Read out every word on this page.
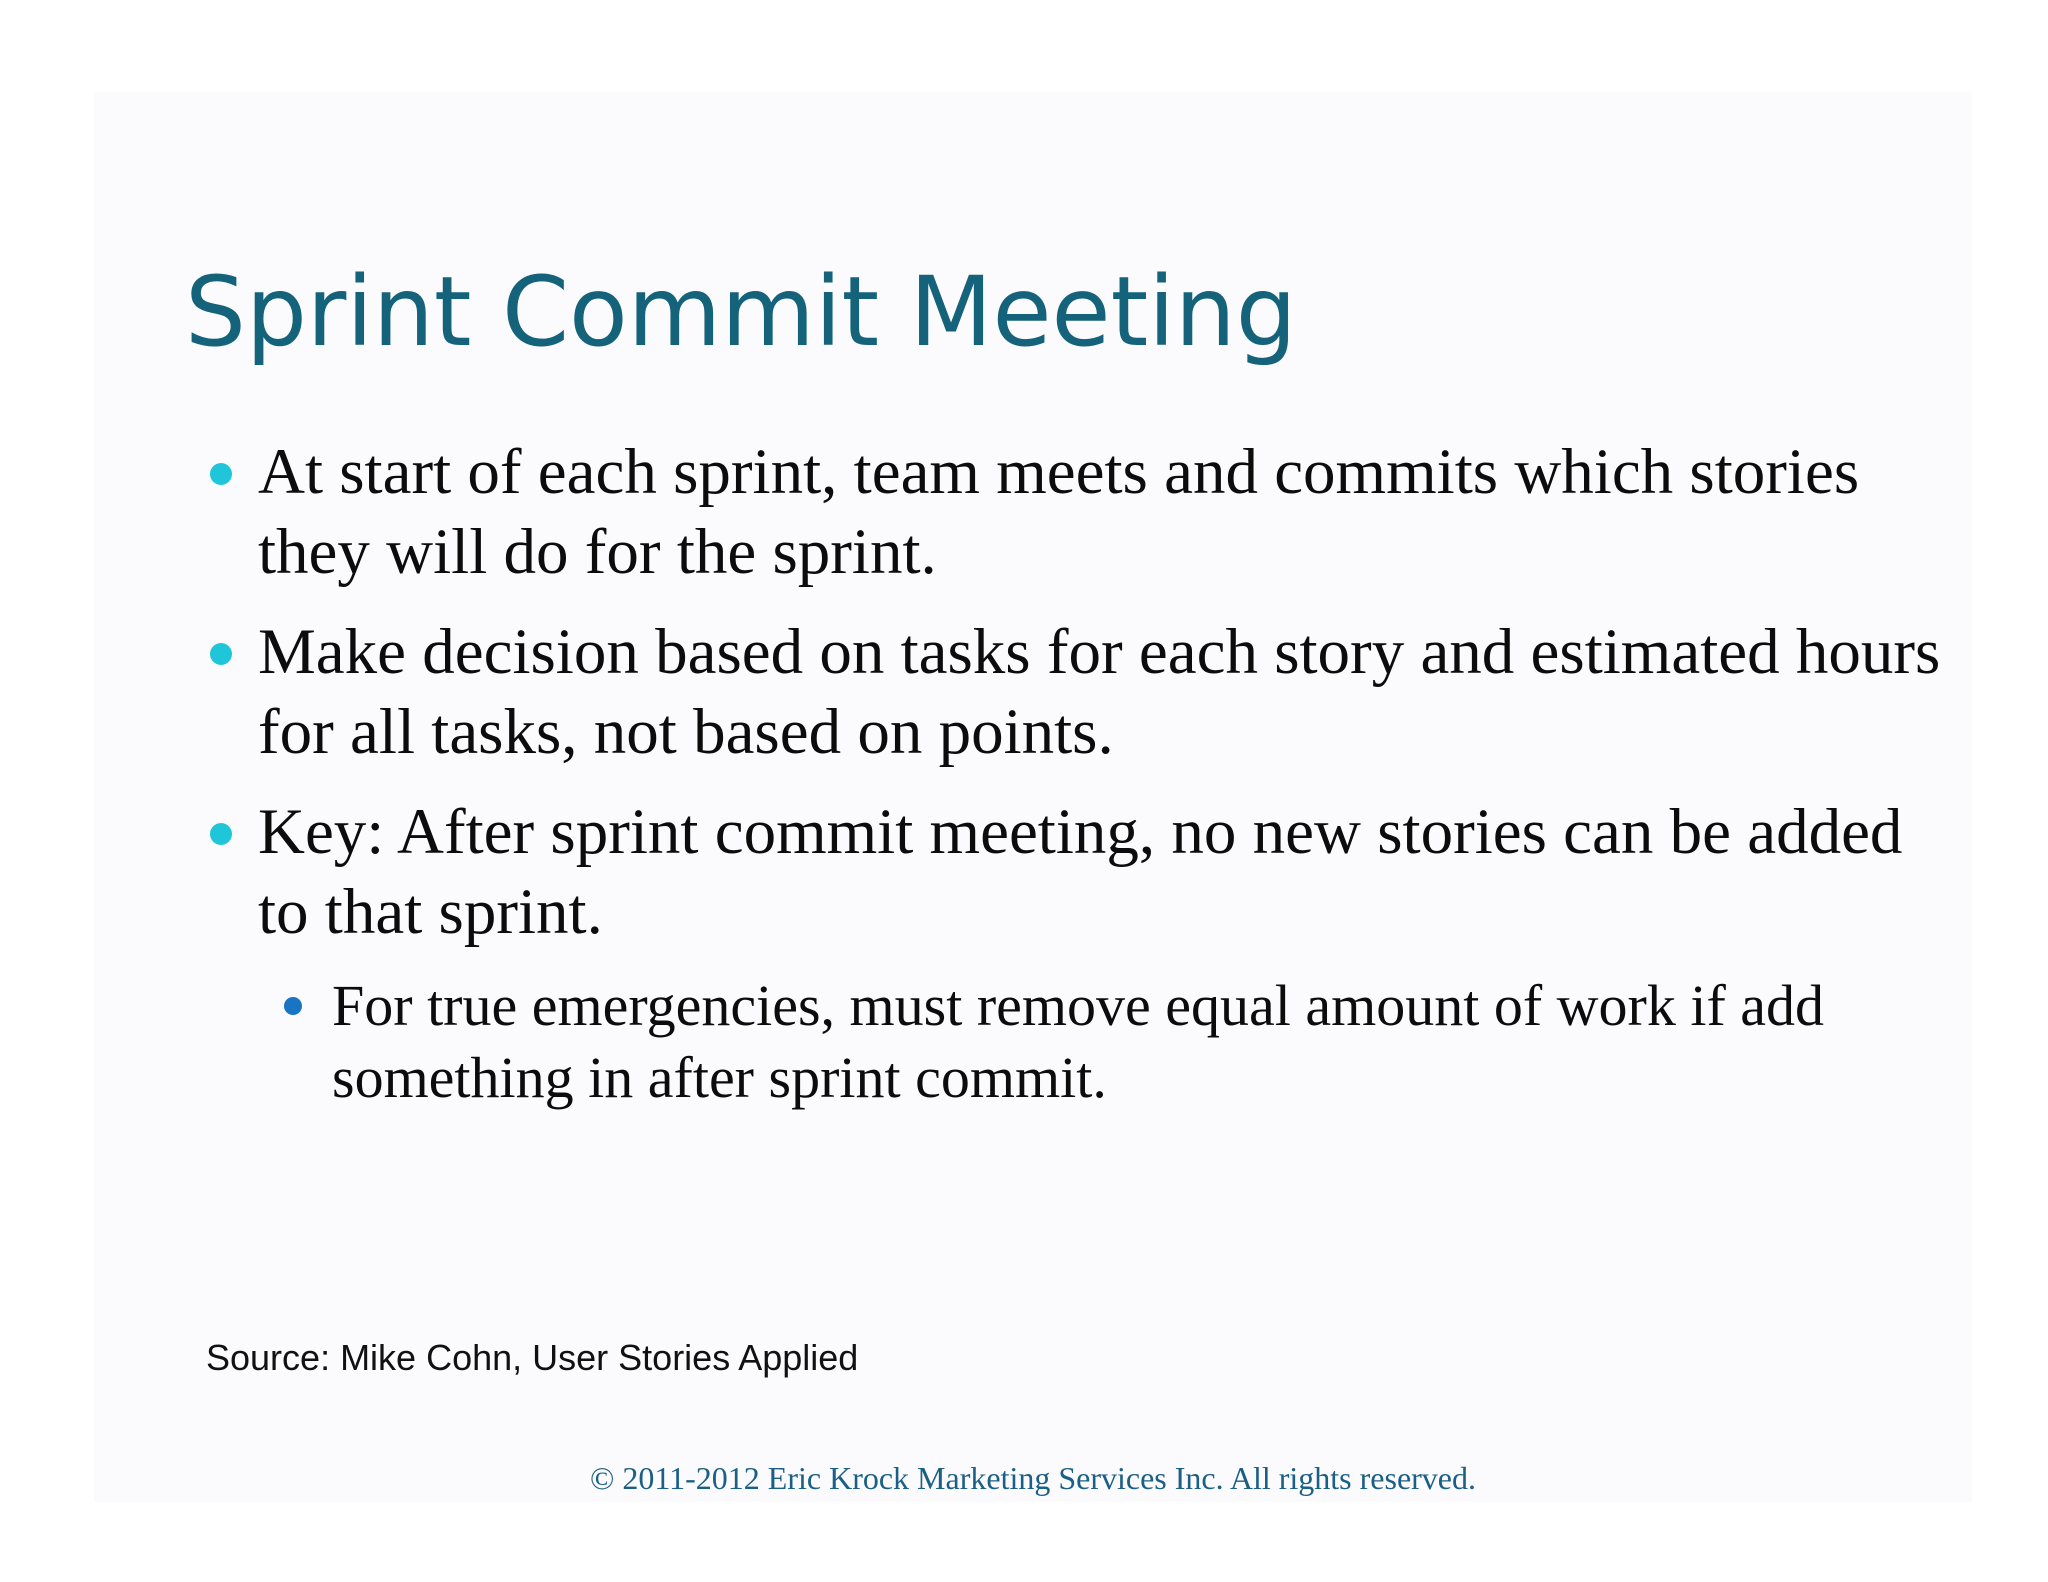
Sprint Commit Meeting
At start of each sprint, team meets and commits which stories they will do for the sprint.
Make decision based on tasks for each story and estimated hours for all tasks, not based on points.
Key: After sprint commit meeting, no new stories can be added to that sprint.
For true emergencies, must remove equal amount of work if add something in after sprint commit.
Source: Mike Cohn, User Stories Applied
© 2011-2012 Eric Krock Marketing Services Inc. All rights reserved.
